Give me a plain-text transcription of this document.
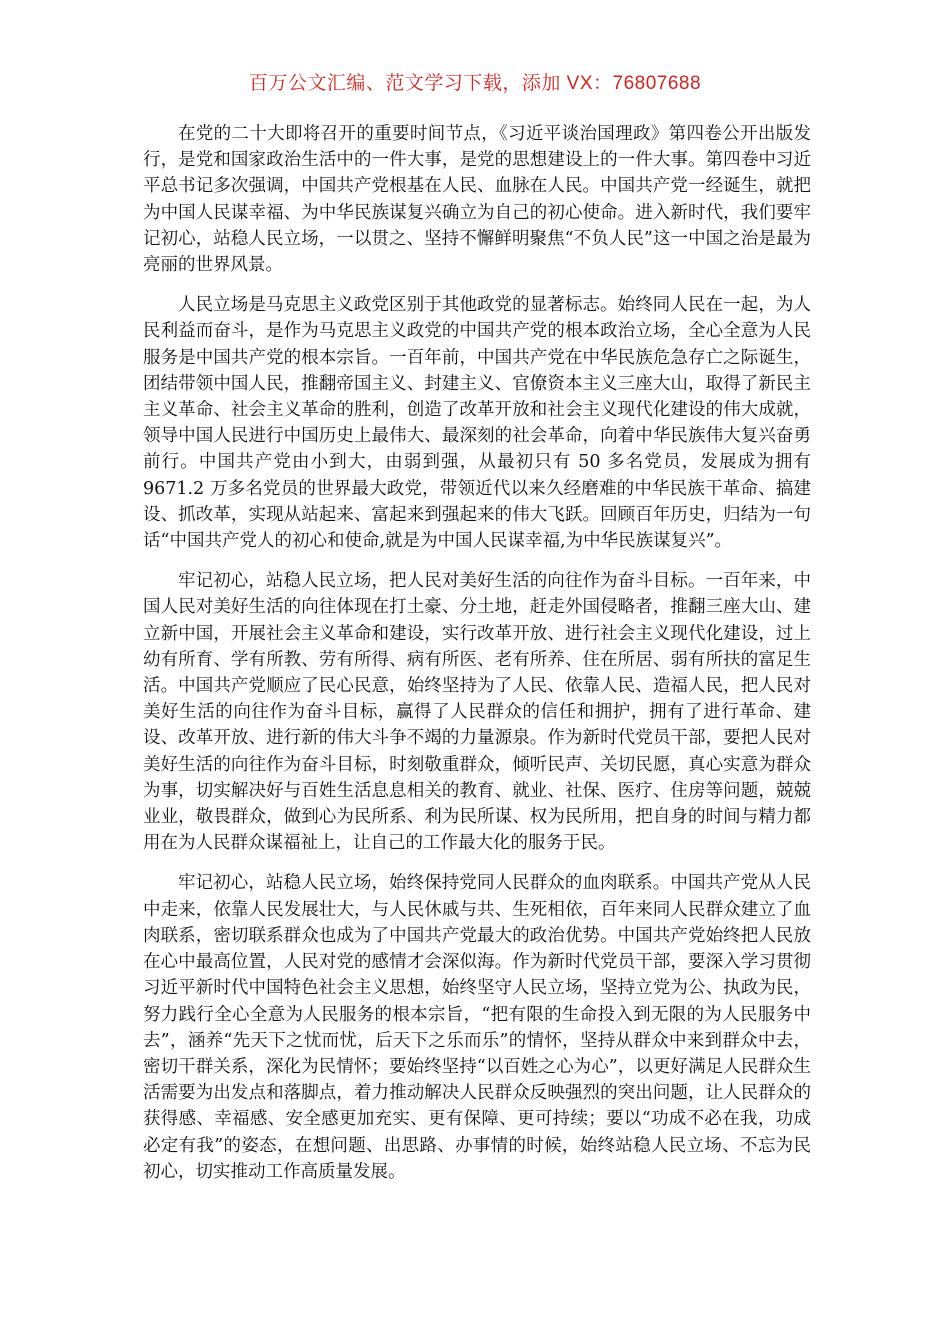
百万公文汇编、范文学习下载，添加 VX：76807688

在党的二十大即将召开的重要时间节点，《习近平谈治国理政》第四卷公开出版发行，是党和国家政治生活中的一件大事，是党的思想建设上的一件大事。第四卷中习近平总书记多次强调，中国共产党根基在人民、血脉在人民。中国共产党一经诞生，就把为中国人民谋幸福、为中华民族谋复兴确立为自己的初心使命。进入新时代，我们要牢记初心，站稳人民立场，一以贯之、坚持不懈鲜明聚焦“不负人民”这一中国之治是最为亮丽的世界风景。

人民立场是马克思主义政党区别于其他政党的显著标志。始终同人民在一起，为人民利益而奋斗，是作为马克思主义政党的中国共产党的根本政治立场，全心全意为人民服务是中国共产党的根本宗旨。一百年前，中国共产党在中华民族危急存亡之际诞生，团结带领中国人民，推翻帝国主义、封建主义、官僚资本主义三座大山，取得了新民主主义革命、社会主义革命的胜利，创造了改革开放和社会主义现代化建设的伟大成就，领导中国人民进行中国历史上最伟大、最深刻的社会革命，向着中华民族伟大复兴奋勇前行。中国共产党由小到大，由弱到强，从最初只有 50 多名党员，发展成为拥有 9671.2 万多名党员的世界最大政党，带领近代以来久经磨难的中华民族干革命、搞建设、抓改革，实现从站起来、富起来到强起来的伟大飞跃。回顾百年历史，归结为一句话“中国共产党人的初心和使命,就是为中国人民谋幸福,为中华民族谋复兴”。

牢记初心，站稳人民立场，把人民对美好生活的向往作为奋斗目标。一百年来，中国人民对美好生活的向往体现在打土豪、分土地，赶走外国侵略者，推翻三座大山、建立新中国，开展社会主义革命和建设，实行改革开放、进行社会主义现代化建设，过上幼有所育、学有所教、劳有所得、病有所医、老有所养、住在所居、弱有所扶的富足生活。中国共产党顺应了民心民意，始终坚持为了人民、依靠人民、造福人民，把人民对美好生活的向往作为奋斗目标，赢得了人民群众的信任和拥护，拥有了进行革命、建设、改革开放、进行新的伟大斗争不竭的力量源泉。作为新时代党员干部，要把人民对美好生活的向往作为奋斗目标，时刻敬重群众，倾听民声、关切民愿，真心实意为群众为事，切实解决好与百姓生活息息相关的教育、就业、社保、医疗、住房等问题，兢兢业业，敬畏群众，做到心为民所系、利为民所谋、权为民所用，把自身的时间与精力都用在为人民群众谋福祉上，让自己的工作最大化的服务于民。

牢记初心，站稳人民立场，始终保持党同人民群众的血肉联系。中国共产党从人民中走来，依靠人民发展壮大，与人民休戚与共、生死相依，百年来同人民群众建立了血肉联系，密切联系群众也成为了中国共产党最大的政治优势。中国共产党始终把人民放在心中最高位置，人民对党的感情才会深似海。作为新时代党员干部，要深入学习贯彻习近平新时代中国特色社会主义思想，始终坚守人民立场，坚持立党为公、执政为民，努力践行全心全意为人民服务的根本宗旨，“把有限的生命投入到无限的为人民服务中去”，涵养“先天下之忧而忧，后天下之乐而乐”的情怀，坚持从群众中来到群众中去，密切干群关系，深化为民情怀；要始终坚持“以百姓之心为心”，以更好满足人民群众生活需要为出发点和落脚点，着力推动解决人民群众反映强烈的突出问题，让人民群众的获得感、幸福感、安全感更加充实、更有保障、更可持续；要以“功成不必在我，功成必定有我”的姿态，在想问题、出思路、办事情的时候，始终站稳人民立场、不忘为民初心，切实推动工作高质量发展。
